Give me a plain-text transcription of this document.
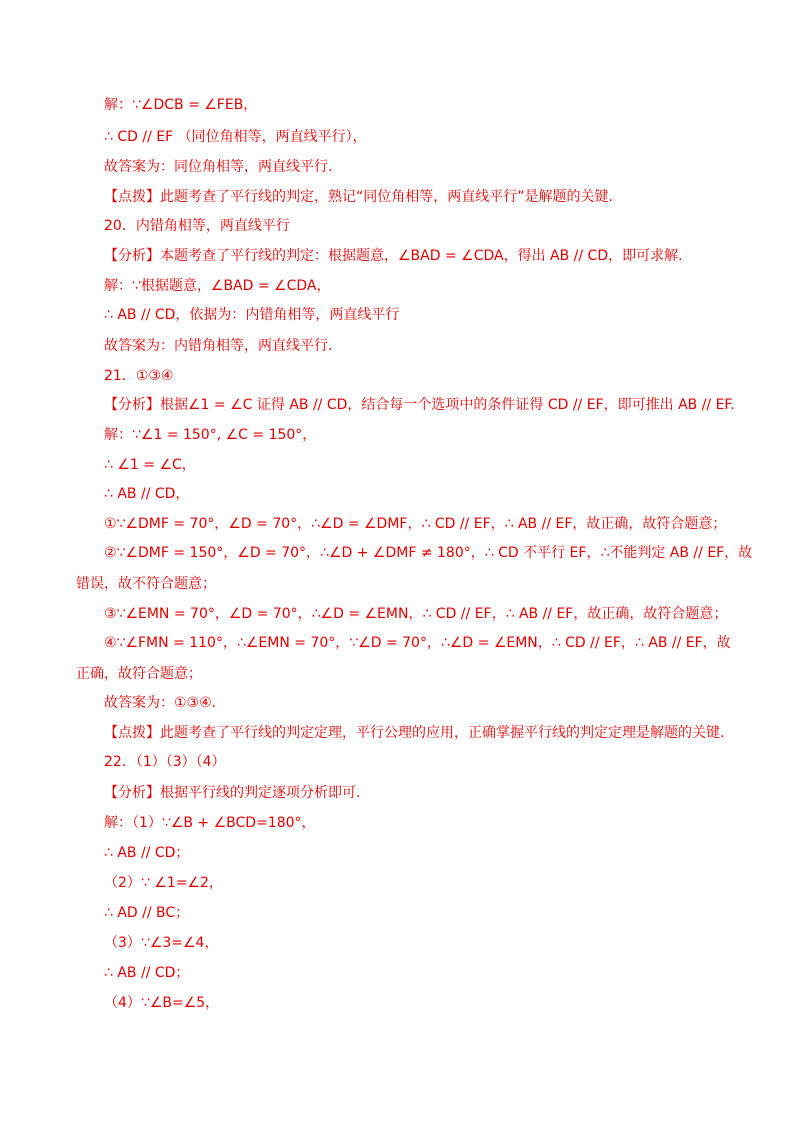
解：∵∠DCB = ∠FEB，
∴ CD // EF （同位角相等，两直线平行），
故答案为：同位角相等，两直线平行.
【点拨】此题考查了平行线的判定，熟记“同位角相等，两直线平行”是解题的关键.
20．内错角相等，两直线平行
【分析】本题考查了平行线的判定：根据题意，∠BAD = ∠CDA，得出 AB // CD，即可求解.
解：∵根据题意，∠BAD = ∠CDA，
∴ AB // CD，依据为：内错角相等，两直线平行
故答案为：内错角相等，两直线平行.
21．①③④
【分析】根据∠1 = ∠C 证得 AB // CD，结合每一个选项中的条件证得 CD // EF，即可推出 AB // EF.
解：∵∠1 = 150°, ∠C = 150°，
∴ ∠1 = ∠C，
∴ AB // CD，
①∵∠DMF = 70°，∠D = 70°，∴∠D = ∠DMF，∴ CD // EF，∴ AB // EF，故正确，故符合题意；
②∵∠DMF = 150°，∠D = 70°，∴∠D + ∠DMF ≠ 180°，∴ CD 不平行 EF，∴不能判定 AB // EF，故
错误，故不符合题意；
③∵∠EMN = 70°，∠D = 70°，∴∠D = ∠EMN，∴ CD // EF，∴ AB // EF，故正确，故符合题意；
④∵∠FMN = 110°，∴∠EMN = 70°，∵∠D = 70°，∴∠D = ∠EMN，∴ CD // EF，∴ AB // EF，故
正确，故符合题意；
故答案为：①③④.
【点拨】此题考查了平行线的判定定理，平行公理的应用，正确掌握平行线的判定定理是解题的关键.
22．（1）（3）（4）
【分析】根据平行线的判定逐项分析即可.
解：（1）∵∠B + ∠BCD=180°，
∴ AB // CD；
（2）∵ ∠1=∠2，
∴ AD // BC；
（3）∵∠3=∠4，
∴ AB // CD；
（4）∵∠B=∠5，
